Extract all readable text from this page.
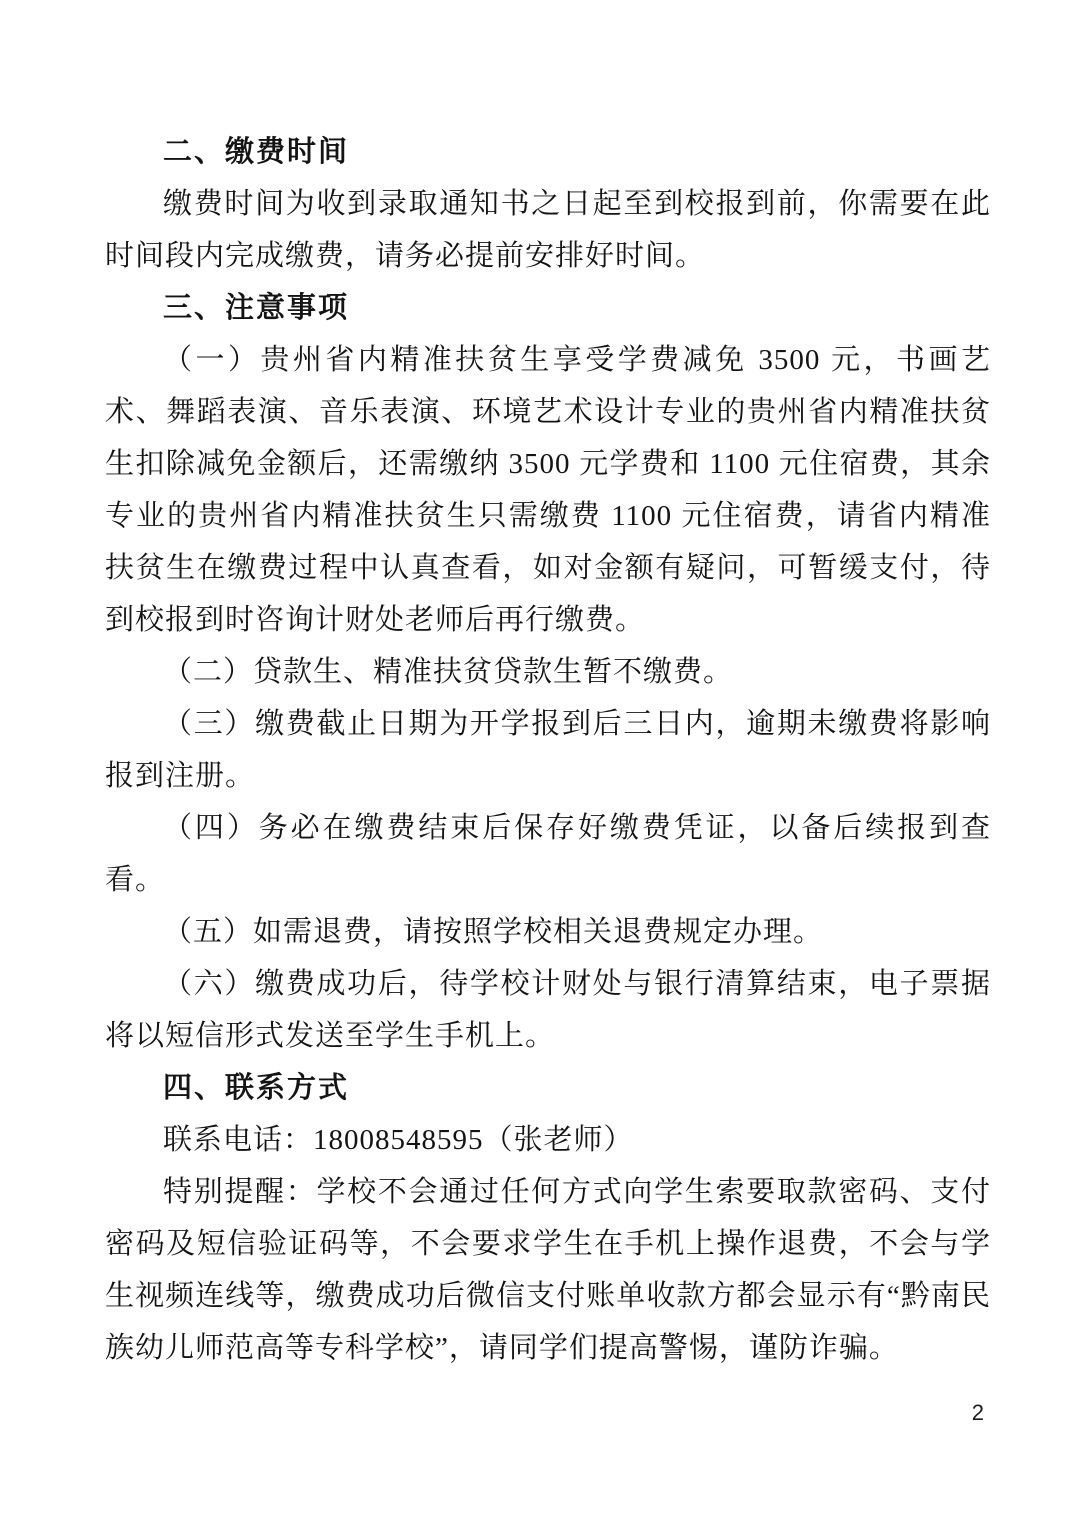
二、缴费时间

缴费时间为收到录取通知书之日起至到校报到前，你需要在此时间段内完成缴费，请务必提前安排好时间。

三、注意事项

（一）贵州省内精准扶贫生享受学费减免 3500 元，书画艺术、舞蹈表演、音乐表演、环境艺术设计专业的贵州省内精准扶贫生扣除减免金额后，还需缴纳 3500 元学费和 1100 元住宿费，其余专业的贵州省内精准扶贫生只需缴费 1100 元住宿费，请省内精准扶贫生在缴费过程中认真查看，如对金额有疑问，可暂缓支付，待到校报到时咨询计财处老师后再行缴费。

（二）贷款生、精准扶贫贷款生暂不缴费。

（三）缴费截止日期为开学报到后三日内，逾期未缴费将影响报到注册。

（四）务必在缴费结束后保存好缴费凭证，以备后续报到查看。

（五）如需退费，请按照学校相关退费规定办理。

（六）缴费成功后，待学校计财处与银行清算结束，电子票据将以短信形式发送至学生手机上。

四、联系方式

联系电话：18008548595（张老师）

特别提醒：学校不会通过任何方式向学生索要取款密码、支付密码及短信验证码等，不会要求学生在手机上操作退费，不会与学生视频连线等，缴费成功后微信支付账单收款方都会显示有“黔南民族幼儿师范高等专科学校”，请同学们提高警惕，谨防诈骗。

2
